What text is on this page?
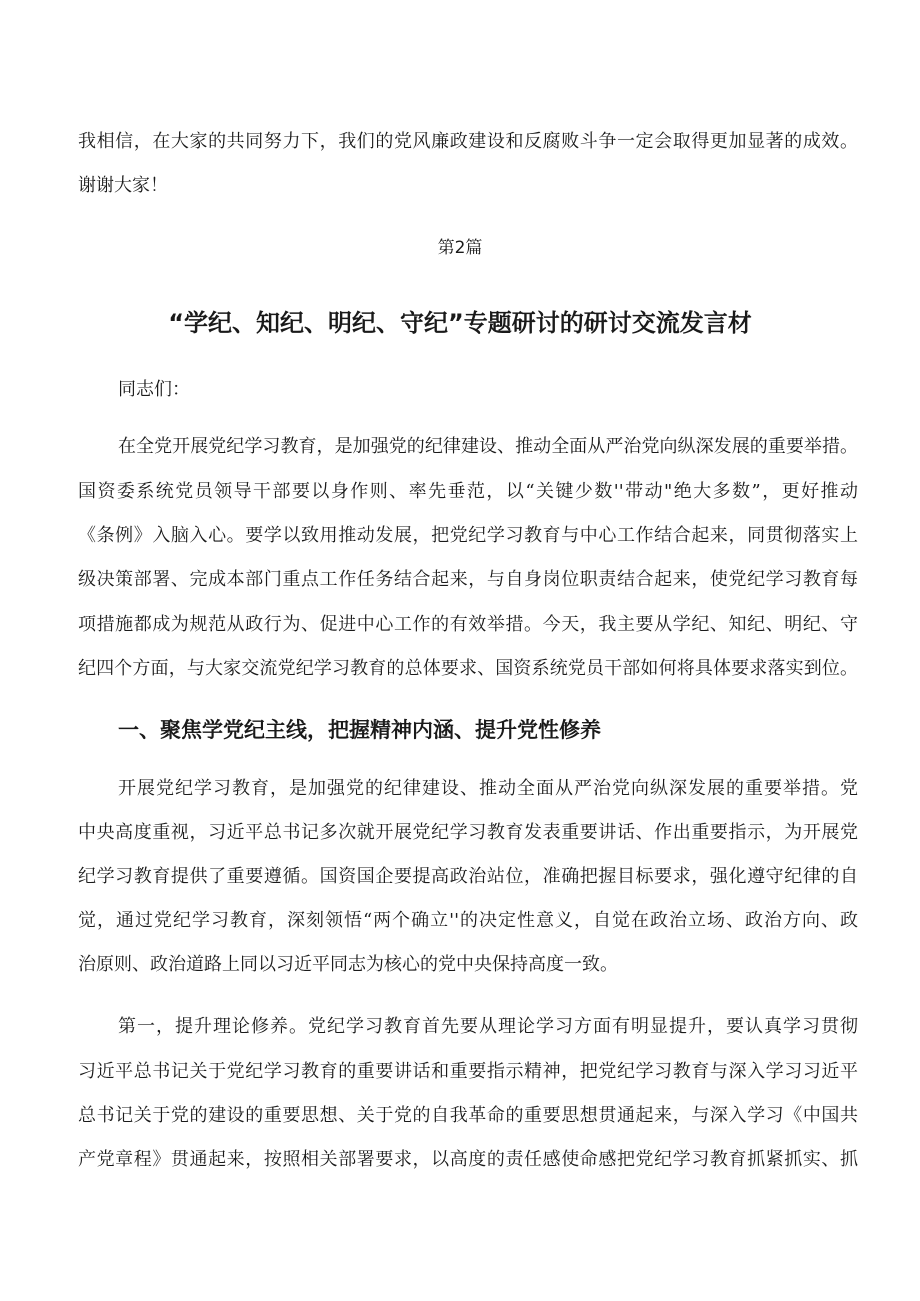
我相信，在大家的共同努力下，我们的党风廉政建设和反腐败斗争一定会取得更加显著的成效。
谢谢大家！
第2篇
“学纪、知纪、明纪、守纪”专题研讨的研讨交流发言材
同志们：
在全党开展党纪学习教育，是加强党的纪律建设、推动全面从严治党向纵深发展的重要举措。
国资委系统党员领导干部要以身作则、率先垂范，以“关键少数''带动"绝大多数”，更好推动
《条例》入脑入心。要学以致用推动发展，把党纪学习教育与中心工作结合起来，同贯彻落实上
级决策部署、完成本部门重点工作任务结合起来，与自身岗位职责结合起来，使党纪学习教育每
项措施都成为规范从政行为、促进中心工作的有效举措。今天，我主要从学纪、知纪、明纪、守
纪四个方面，与大家交流党纪学习教育的总体要求、国资系统党员干部如何将具体要求落实到位。
一、聚焦学党纪主线，把握精神内涵、提升党性修养
开展党纪学习教育，是加强党的纪律建设、推动全面从严治党向纵深发展的重要举措。党
中央高度重视，习近平总书记多次就开展党纪学习教育发表重要讲话、作出重要指示，为开展党
纪学习教育提供了重要遵循。国资国企要提高政治站位，准确把握目标要求，强化遵守纪律的自
觉，通过党纪学习教育，深刻领悟“两个确立''的决定性意义，自觉在政治立场、政治方向、政
治原则、政治道路上同以习近平同志为核心的党中央保持高度一致。
第一，提升理论修养。党纪学习教育首先要从理论学习方面有明显提升，要认真学习贯彻
习近平总书记关于党纪学习教育的重要讲话和重要指示精神，把党纪学习教育与深入学习习近平
总书记关于党的建设的重要思想、关于党的自我革命的重要思想贯通起来，与深入学习《中国共
产党章程》贯通起来，按照相关部署要求，以高度的责任感使命感把党纪学习教育抓紧抓实、抓
